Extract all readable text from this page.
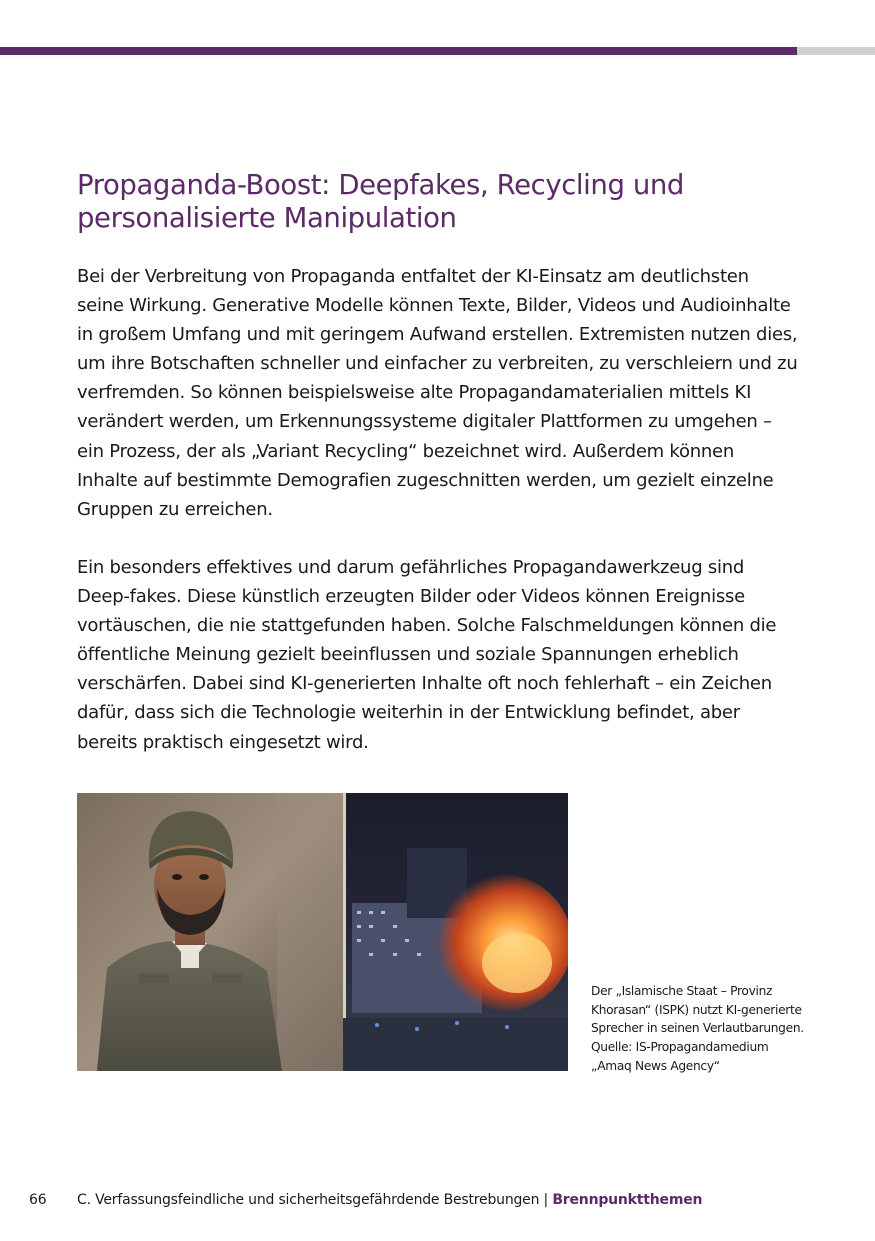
Propaganda-Boost: Deepfakes, Recycling und personalisierte Manipulation

Bei der Verbreitung von Propaganda entfaltet der KI-Einsatz am deutlichsten seine Wirkung. Generative Modelle können Texte, Bilder, Videos und Audioinhalte in großem Umfang und mit geringem Aufwand erstellen. Extremisten nutzen dies, um ihre Botschaften schneller und einfacher zu verbreiten, zu verschleiern und zu verfremden. So können beispielsweise alte Propagandamaterialien mittels KI verändert werden, um Erkennungssysteme digitaler Plattformen zu umgehen – ein Prozess, der als „Variant Recycling“ bezeichnet wird. Außerdem können Inhalte auf bestimmte Demografien zugeschnitten werden, um gezielt einzelne Gruppen zu erreichen.

Ein besonders effektives und darum gefährliches Propagandawerkzeug sind Deep-fakes. Diese künstlich erzeugten Bilder oder Videos können Ereignisse vortäuschen, die nie stattgefunden haben. Solche Falschmeldungen können die öffentliche Meinung gezielt beeinflussen und soziale Spannungen erheblich verschärfen. Dabei sind KI-generierten Inhalte oft noch fehlerhaft – ein Zeichen dafür, dass sich die Technologie weiterhin in der Entwicklung befindet, aber bereits praktisch eingesetzt wird.

Der „Islamische Staat – Provinz
Khorasan“ (ISPK) nutzt KI-generierte
Sprecher in seinen Verlautbarungen.
Quelle: IS-Propagandamedium
„Amaq News Agency“
66 C. Verfassungsfeindliche und sicherheitsgefährdende Bestrebungen | Brennpunktthemen
